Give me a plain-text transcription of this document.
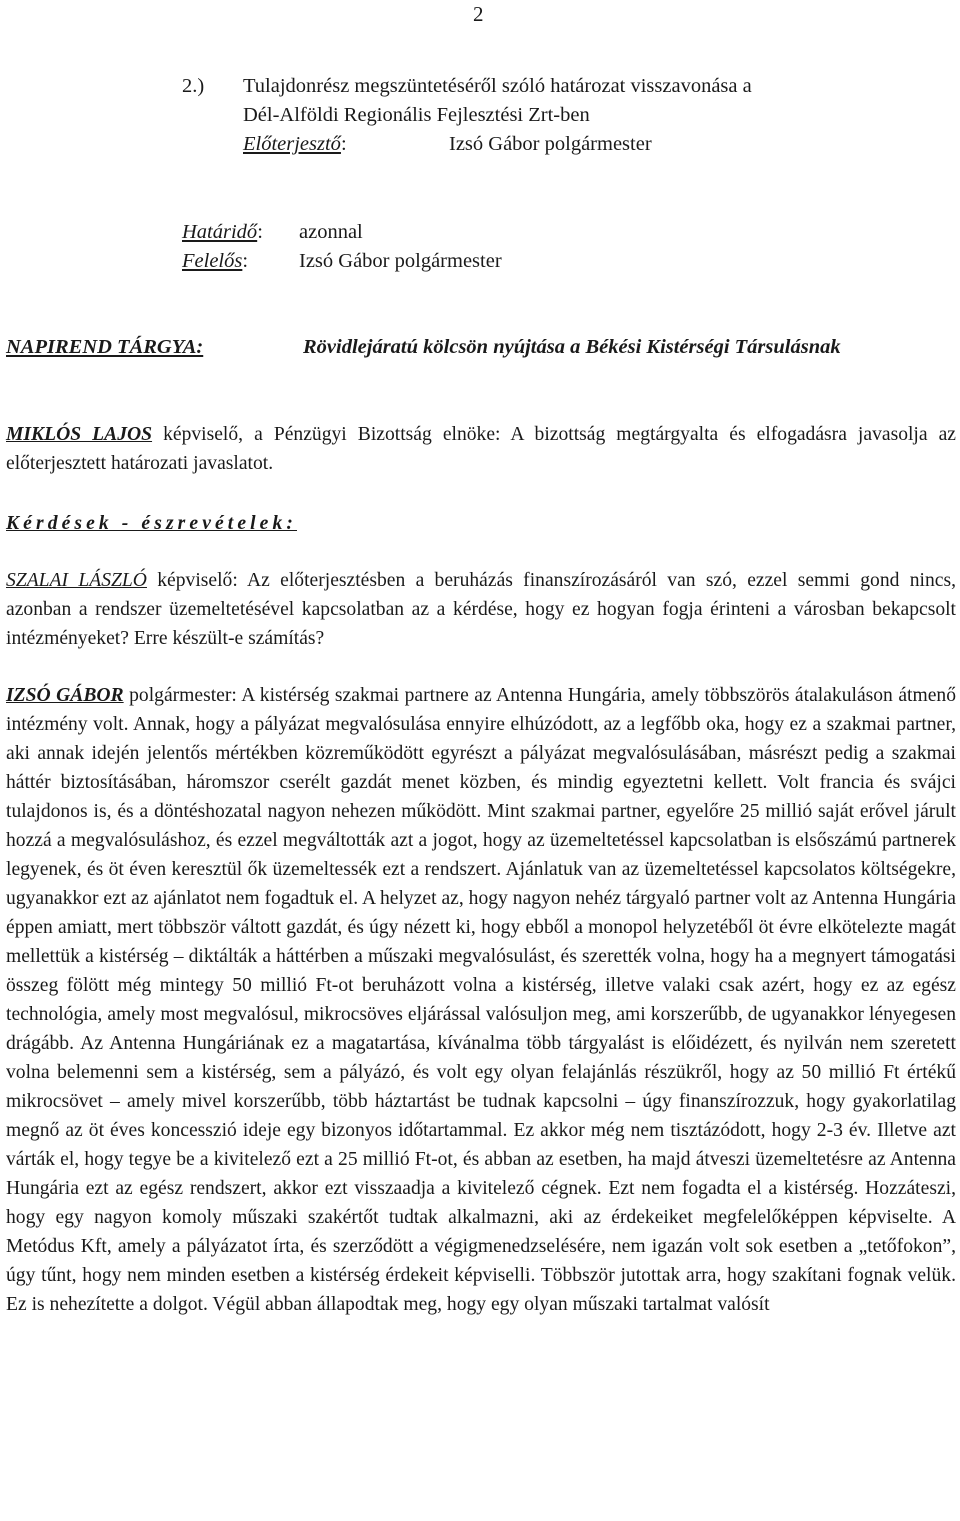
2
2.)	Tulajdonrész megszüntetéséről szóló határozat visszavonása a Dél-Alföldi Regionális Fejlesztési Zrt-ben
Előterjesztő:	Izsó Gábor polgármester
Határidő:	azonnal
Felelős:	Izsó Gábor polgármester
NAPIREND TÁRGYA:	Rövidlejáratú kölcsön nyújtása a Békési Kistérségi Társulásnak

MIKLÓS LAJOS képviselő, a Pénzügyi Bizottság elnöke: A bizottság megtárgyalta és elfogadásra javasolja az előterjesztett határozati javaslatot.

Kérdések - észrevételek:

SZALAI LÁSZLÓ képviselő: Az előterjesztésben a beruházás finanszírozásáról van szó, ezzel semmi gond nincs, azonban a rendszer üzemeltetésével kapcsolatban az a kérdése, hogy ez hogyan fogja érinteni a városban bekapcsolt intézményeket? Erre készült-e számítás?

IZSÓ GÁBOR polgármester: A kistérség szakmai partnere az Antenna Hungária, amely többszörös átalakuláson átmenő intézmény volt. Annak, hogy a pályázat megvalósulása ennyire elhúzódott, az a legfőbb oka, hogy ez a szakmai partner, aki annak idején jelentős mértékben közreműködött egyrészt a pályázat megvalósulásában, másrészt pedig a szakmai háttér biztosításában, háromszor cserélt gazdát menet közben, és mindig egyeztetni kellett. Volt francia és svájci tulajdonos is, és a döntéshozatal nagyon nehezen működött. Mint szakmai partner, egyelőre 25 millió saját erővel járult hozzá a megvalósuláshoz, és ezzel megváltották azt a jogot, hogy az üzemeltetéssel kapcsolatban is elsőszámú partnerek legyenek, és öt éven keresztül ők üzemeltessék ezt a rendszert. Ajánlatuk van az üzemeltetéssel kapcsolatos költségekre, ugyanakkor ezt az ajánlatot nem fogadtuk el. A helyzet az, hogy nagyon nehéz tárgyaló partner volt az Antenna Hungária éppen amiatt, mert többször váltott gazdát, és úgy nézett ki, hogy ebből a monopol helyzetéből öt évre elkötelezte magát mellettük a kistérség – diktálták a háttérben a műszaki megvalósulást, és szerették volna, hogy ha a megnyert támogatási összeg fölött még mintegy 50 millió Ft-ot beruházott volna a kistérség, illetve valaki csak azért, hogy ez az egész technológia, amely most megvalósul, mikrocsöves eljárással valósuljon meg, ami korszerűbb, de ugyanakkor lényegesen drágább. Az Antenna Hungáriának ez a magatartása, kívánalma több tárgyalást is előidézett, és nyilván nem szeretett volna belemenni sem a kistérség, sem a pályázó, és volt egy olyan felajánlás részükről, hogy az 50 millió Ft értékű mikrocsövet – amely mivel korszerűbb, több háztartást be tudnak kapcsolni – úgy finanszírozzuk, hogy gyakorlatilag megnő az öt éves koncesszió ideje egy bizonyos időtartammal. Ez akkor még nem tisztázódott, hogy 2-3 év. Illetve azt várták el, hogy tegye be a kivitelező ezt a 25 millió Ft-ot, és abban az esetben, ha majd átveszi üzemeltetésre az Antenna Hungária ezt az egész rendszert, akkor ezt visszaadja a kivitelező cégnek. Ezt nem fogadta el a kistérség. Hozzáteszi, hogy egy nagyon komoly műszaki szakértőt tudtak alkalmazni, aki az érdekeiket megfelelőképpen képviselte. A Metódus Kft, amely a pályázatot írta, és szerződött a végigmenedzselésére, nem igazán volt sok esetben a „tetőfokon”, úgy tűnt, hogy nem minden esetben a kistérség érdekeit képviselli. Többször jutottak arra, hogy szakítani fognak velük. Ez is nehezítette a dolgot. Végül abban állapodtak meg, hogy egy olyan műszaki tartalmat valósít
